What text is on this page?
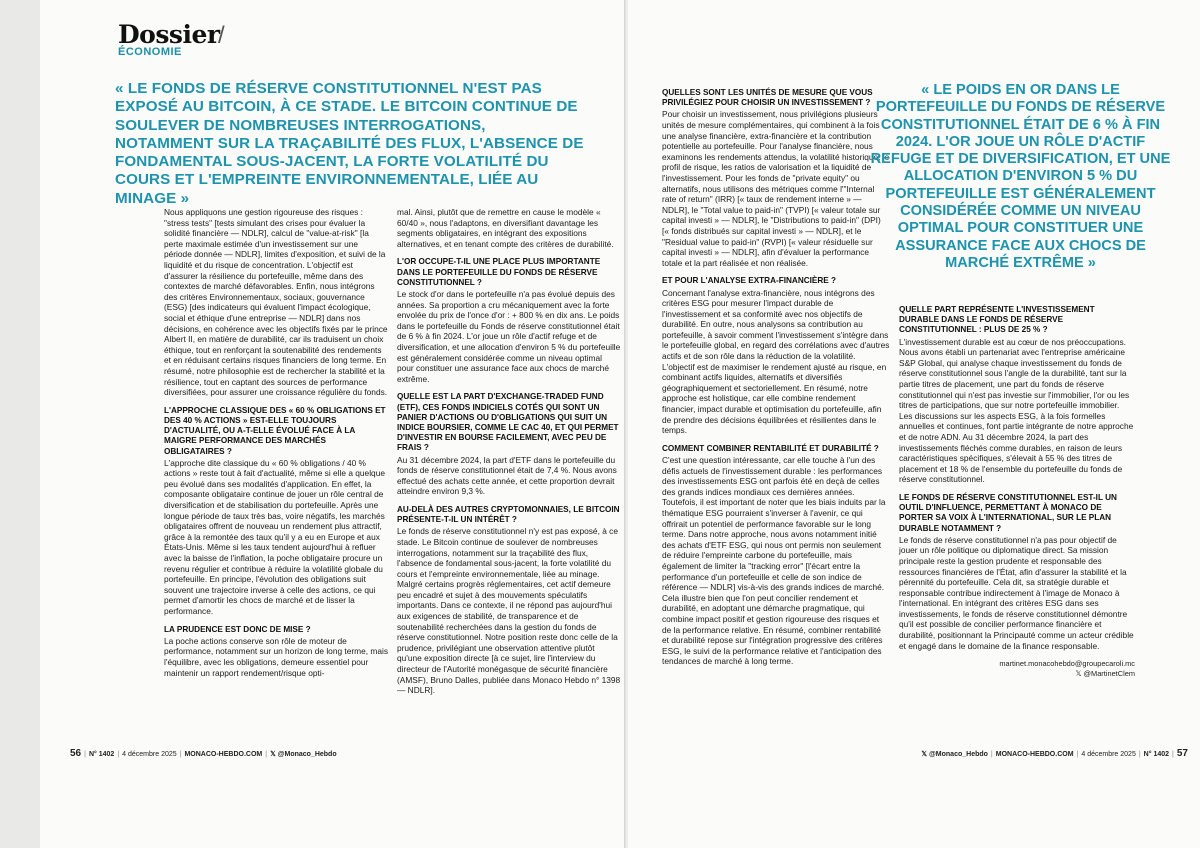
Dossier
/
ÉCONOMIE
« LE FONDS DE RÉSERVE CONSTITUTIONNEL N'EST PAS EXPOSÉ AU BITCOIN, À CE STADE. LE BITCOIN CONTINUE DE SOULEVER DE NOMBREUSES INTERROGATIONS, NOTAMMENT SUR LA TRAÇABILITÉ DES FLUX, L'ABSENCE DE FONDAMENTAL SOUS-JACENT, LA FORTE VOLATILITÉ DU COURS ET L'EMPREINTE ENVIRONNEMENTALE, LIÉE AU MINAGE »

Nous appliquons une gestion rigoureuse des risques : "stress tests" [tests simulant des crises pour évaluer la solidité financière — NDLR], calcul de "value-at-risk" [la perte maximale estimée d'un investissement sur une période donnée — NDLR], limites d'exposition, et suivi de la liquidité et du risque de concentration. L'objectif est d'assurer la résilience du portefeuille, même dans des contextes de marché défavorables. Enfin, nous intégrons des critères Environnementaux, sociaux, gouvernance (ESG) [des indicateurs qui évaluent l'impact écologique, social et éthique d'une entreprise — NDLR] dans nos décisions, en cohérence avec les objectifs fixés par le prince Albert II, en matière de durabilité, car ils traduisent un choix éthique, tout en renforçant la soutenabilité des rendements et en réduisant certains risques financiers de long terme. En résumé, notre philosophie est de rechercher la stabilité et la résilience, tout en captant des sources de performance diversifiées, pour assurer une croissance régulière du fonds.

L'APPROCHE CLASSIQUE DES « 60 % OBLIGATIONS ET DES 40 % ACTIONS » EST-ELLE TOUJOURS D'ACTUALITÉ, OU A-T-ELLE ÉVOLUÉ FACE À LA MAIGRE PERFORMANCE DES MARCHÉS OBLIGATAIRES ?

L'approche dite classique du « 60 % obligations / 40 % actions » reste tout à fait d'actualité, même si elle a quelque peu évolué dans ses modalités d'application. En effet, la composante obligataire continue de jouer un rôle central de diversification et de stabilisation du portefeuille. Après une longue période de taux très bas, voire négatifs, les marchés obligataires offrent de nouveau un rendement plus attractif, grâce à la remontée des taux qu'il y a eu en Europe et aux États-Unis. Même si les taux tendent aujourd'hui à refluer avec la baisse de l'inflation, la poche obligataire procure un revenu régulier et contribue à réduire la volatilité globale du portefeuille. En principe, l'évolution des obligations suit souvent une trajectoire inverse à celle des actions, ce qui permet d'amortir les chocs de marché et de lisser la performance.

LA PRUDENCE EST DONC DE MISE ?

La poche actions conserve son rôle de moteur de performance, notamment sur un horizon de long terme, mais l'équilibre, avec les obligations, demeure essentiel pour maintenir un rapport rendement/risque opti-

mal. Ainsi, plutôt que de remettre en cause le modèle « 60/40 », nous l'adaptons, en diversifiant davantage les segments obligataires, en intégrant des expositions alternatives, et en tenant compte des critères de durabilité.

L'OR OCCUPE-T-IL UNE PLACE PLUS IMPORTANTE DANS LE PORTEFEUILLE DU FONDS DE RÉSERVE CONSTITUTIONNEL ?

Le stock d'or dans le portefeuille n'a pas évolué depuis des années. Sa proportion a cru mécaniquement avec la forte envolée du prix de l'once d'or : + 800 % en dix ans. Le poids dans le portefeuille du Fonds de réserve constitutionnel était de 6 % à fin 2024. L'or joue un rôle d'actif refuge et de diversification, et une allocation d'environ 5 % du portefeuille est généralement considérée comme un niveau optimal pour constituer une assurance face aux chocs de marché extrême.

QUELLE EST LA PART D'EXCHANGE-TRADED FUND (ETF), CES FONDS INDICIELS COTÉS QUI SONT UN PANIER D'ACTIONS OU D'OBLIGATIONS QUI SUIT UN INDICE BOURSIER, COMME LE CAC 40, ET QUI PERMET D'INVESTIR EN BOURSE FACILEMENT, AVEC PEU DE FRAIS ?

Au 31 décembre 2024, la part d'ETF dans le portefeuille du fonds de réserve constitutionnel était de 7,4 %. Nous avons effectué des achats cette année, et cette proportion devrait atteindre environ 9,3 %.

AU-DELÀ DES AUTRES CRYPTOMONNAIES, LE BITCOIN PRÉSENTE-T-IL UN INTÉRÊT ?

Le fonds de réserve constitutionnel n'y est pas exposé, à ce stade. Le Bitcoin continue de soulever de nombreuses interrogations, notamment sur la traçabilité des flux, l'absence de fondamental sous-jacent, la forte volatilité du cours et l'empreinte environnementale, liée au minage. Malgré certains progrès réglementaires, cet actif demeure peu encadré et sujet à des mouvements spéculatifs importants. Dans ce contexte, il ne répond pas aujourd'hui aux exigences de stabilité, de transparence et de soutenabilité recherchées dans la gestion du fonds de réserve constitutionnel. Notre position reste donc celle de la prudence, privilégiant une observation attentive plutôt qu'une exposition directe [à ce sujet, lire l'interview du directeur de l'Autorité monégasque de sécurité financière (AMSF), Bruno Dalles, publiée dans Monaco Hebdo n° 1398 — NDLR].

56 | N° 1402 | 4 décembre 2025 | MONACO-HEBDO.COM | 𝕏 @Monaco_Hebdo
QUELLES SONT LES UNITÉS DE MESURE QUE VOUS PRIVILÉGIEZ POUR CHOISIR UN INVESTISSEMENT ?

Pour choisir un investissement, nous privilégions plusieurs unités de mesure complémentaires, qui combinent à la fois une analyse financière, extra-financière et la contribution potentielle au portefeuille. Pour l'analyse financière, nous examinons les rendements attendus, la volatilité historique, le profil de risque, les ratios de valorisation et la liquidité de l'investissement. Pour les fonds de "private equity" ou alternatifs, nous utilisons des métriques comme l'"Internal rate of return" (IRR) [« taux de rendement interne » — NDLR], le "Total value to paid-in" (TVPI) [« valeur totale sur capital investi » — NDLR], le "Distributions to paid-in" (DPI) [« fonds distribués sur capital investi » — NDLR], et le "Residual value to paid-in" (RVPI) [« valeur résiduelle sur capital investi » — NDLR], afin d'évaluer la performance totale et la part réalisée et non réalisée.

ET POUR L'ANALYSE EXTRA-FINANCIÈRE ?

Concernant l'analyse extra-financière, nous intégrons des critères ESG pour mesurer l'impact durable de l'investissement et sa conformité avec nos objectifs de durabilité. En outre, nous analysons sa contribution au portefeuille, à savoir comment l'investissement s'intègre dans le portefeuille global, en regard des corrélations avec d'autres actifs et de son rôle dans la réduction de la volatilité. L'objectif est de maximiser le rendement ajusté au risque, en combinant actifs liquides, alternatifs et diversifiés géographiquement et sectoriellement. En résumé, notre approche est holistique, car elle combine rendement financier, impact durable et optimisation du portefeuille, afin de prendre des décisions équilibrées et résilientes dans le temps.

COMMENT COMBINER RENTABILITÉ ET DURABILITÉ ?

C'est une question intéressante, car elle touche à l'un des défis actuels de l'investissement durable : les performances des investissements ESG ont parfois été en deçà de celles des grands indices mondiaux ces dernières années. Toutefois, il est important de noter que les biais induits par la thématique ESG pourraient s'inverser à l'avenir, ce qui offrirait un potentiel de performance favorable sur le long terme. Dans notre approche, nous avons notamment initié des achats d'ETF ESG, qui nous ont permis non seulement de réduire l'empreinte carbone du portefeuille, mais également de limiter la "tracking error" [l'écart entre la performance d'un portefeuille et celle de son indice de référence — NDLR] vis-à-vis des grands indices de marché. Cela illustre bien que l'on peut concilier rendement et durabilité, en adoptant une démarche pragmatique, qui combine impact positif et gestion rigoureuse des risques et de la performance relative. En résumé, combiner rentabilité et durabilité repose sur l'intégration progressive des critères ESG, le suivi de la performance relative et l'anticipation des tendances de marché à long terme.

« LE POIDS EN OR DANS LE PORTEFEUILLE DU FONDS DE RÉSERVE CONSTITUTIONNEL ÉTAIT DE 6 % À FIN 2024. L'OR JOUE UN RÔLE D'ACTIF REFUGE ET DE DIVERSIFICATION, ET UNE ALLOCATION D'ENVIRON 5 % DU PORTEFEUILLE EST GÉNÉRALEMENT CONSIDÉRÉE COMME UN NIVEAU OPTIMAL POUR CONSTITUER UNE ASSURANCE FACE AUX CHOCS DE MARCHÉ EXTRÊME »
QUELLE PART REPRÉSENTE L'INVESTISSEMENT DURABLE DANS LE FONDS DE RÉSERVE CONSTITUTIONNEL : PLUS DE 25 % ?

L'investissement durable est au cœur de nos préoccupations. Nous avons établi un partenariat avec l'entreprise américaine S&P Global, qui analyse chaque investissement du fonds de réserve constitutionnel sous l'angle de la durabilité, tant sur la partie titres de placement, une part du fonds de réserve constitutionnel qui n'est pas investie sur l'immobilier, l'or ou les titres de participations, que sur notre portefeuille immobilier. Les discussions sur les aspects ESG, à la fois formelles annuelles et continues, font partie intégrante de notre approche et de notre ADN. Au 31 décembre 2024, la part des investissements fléchés comme durables, en raison de leurs caractéristiques spécifiques, s'élevait à 55 % des titres de placement et 18 % de l'ensemble du portefeuille du fonds de réserve constitutionnel.

LE FONDS DE RÉSERVE CONSTITUTIONNEL EST-IL UN OUTIL D'INFLUENCE, PERMETTANT À MONACO DE PORTER SA VOIX À L'INTERNATIONAL, SUR LE PLAN DURABLE NOTAMMENT ?

Le fonds de réserve constitutionnel n'a pas pour objectif de jouer un rôle politique ou diplomatique direct. Sa mission principale reste la gestion prudente et responsable des ressources financières de l'État, afin d'assurer la stabilité et la pérennité du portefeuille. Cela dit, sa stratégie durable et responsable contribue indirectement à l'image de Monaco à l'international. En intégrant des critères ESG dans ses investissements, le fonds de réserve constitutionnel démontre qu'il est possible de concilier performance financière et durabilité, positionnant la Principauté comme un acteur crédible et engagé dans le domaine de la finance responsable.

martinet.monacohebdo@groupecaroli.mc
𝕏 @MartinetClem
𝕏 @Monaco_Hebdo | MONACO-HEBDO.COM | 4 décembre 2025 | N° 1402 | 57
